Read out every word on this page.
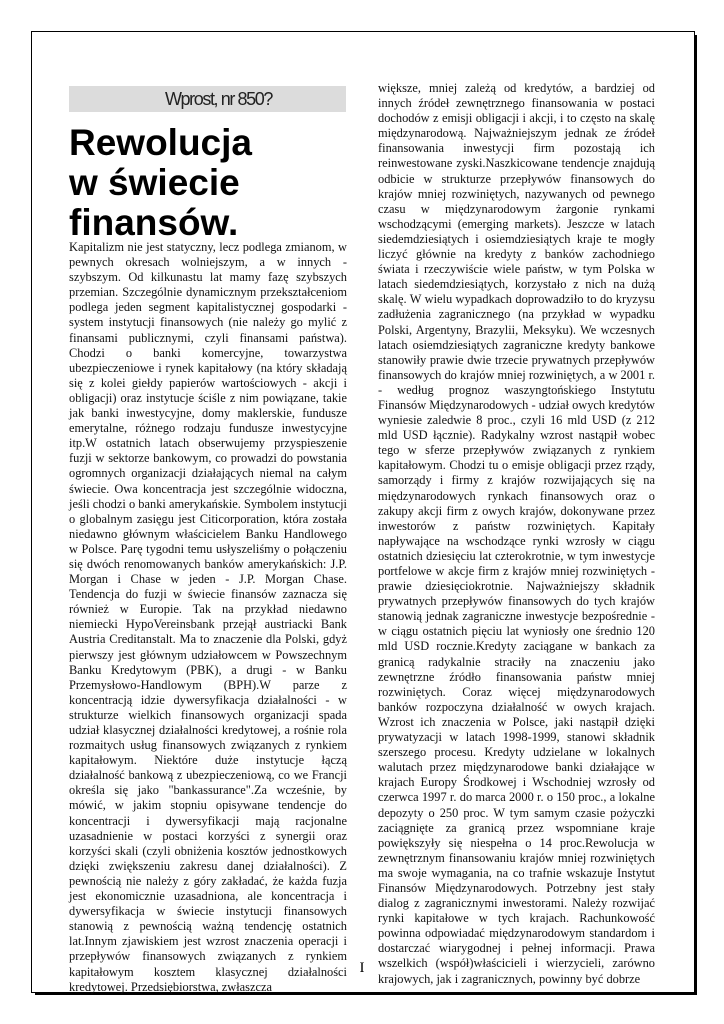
Wprost, nr 850?
Rewolucja
w świecie
finansów.

Kapitalizm nie jest statyczny, lecz podlega zmianom, w pewnych okresach wolniejszym, a w innych - szybszym. Od kilkunastu lat mamy fazę szybszych przemian. Szczególnie dynamicznym przekształceniom podlega jeden segment kapitalistycznej gospodarki - system instytucji finansowych (nie należy go mylić z finansami publicznymi, czyli finansami państwa). Chodzi o banki komercyjne, towarzystwa ubezpieczeniowe i rynek kapitałowy (na który składają się z kolei giełdy papierów wartościowych - akcji i obligacji) oraz instytucje ściśle z nim powiązane, takie jak banki inwestycyjne, domy maklerskie, fundusze emerytalne, różnego rodzaju fundusze inwestycyjne itp.W ostatnich latach obserwujemy przyspieszenie fuzji w sektorze bankowym, co prowadzi do powstania ogromnych organizacji działających niemal na całym świecie. Owa koncentracja jest szczególnie widoczna, jeśli chodzi o banki amerykańskie. Symbolem instytucji o globalnym zasięgu jest Citicorporation, która została niedawno głównym właścicielem Banku Handlowego w Polsce. Parę tygodni temu usłyszeliśmy o połączeniu się dwóch renomowanych banków amerykańskich: J.P. Morgan i Chase w jeden - J.P. Morgan Chase. Tendencja do fuzji w świecie finansów zaznacza się również w Europie. Tak na przykład niedawno niemiecki HypoVereinsbank przejął austriacki Bank Austria Creditanstalt. Ma to znaczenie dla Polski, gdyż pierwszy jest głównym udziałowcem w Powszechnym Banku Kredytowym (PBK), a drugi - w Banku Przemysłowo-Handlowym (BPH).W parze z koncentracją idzie dywersyfikacja działalności - w strukturze wielkich finansowych organizacji spada udział klasycznej działalności kredytowej, a rośnie rola rozmaitych usług finansowych związanych z rynkiem kapitałowym. Niektóre duże instytucje łączą działalność bankową z ubezpieczeniową, co we Francji określa się jako "bankassurance".Za wcześnie, by mówić, w jakim stopniu opisywane tendencje do koncentracji i dywersyfikacji mają racjonalne uzasadnienie w postaci korzyści z synergii oraz korzyści skali (czyli obniżenia kosztów jednostkowych dzięki zwiększeniu zakresu danej działalności). Z pewnością nie należy z góry zakładać, że każda fuzja jest ekonomicznie uzasadniona, ale koncentracja i dywersyfikacja w świecie instytucji finansowych stanowią z pewnością ważną tendencję ostatnich lat.Innym zjawiskiem jest wzrost znaczenia operacji i przepływów finansowych związanych z rynkiem kapitałowym kosztem klasycznej działalności kredytowej. Przedsiębiorstwa, zwłaszcza

większe, mniej zależą od kredytów, a bardziej od innych źródeł zewnętrznego finansowania w postaci dochodów z emisji obligacji i akcji, i to często na skalę międzynarodową. Najważniejszym jednak ze źródeł finansowania inwestycji firm pozostają ich reinwestowane zyski.Naszkicowane tendencje znajdują odbicie w strukturze przepływów finansowych do krajów mniej rozwiniętych, nazywanych od pewnego czasu w międzynarodowym żargonie rynkami wschodzącymi (emerging markets). Jeszcze w latach siedemdziesiątych i osiemdziesiątych kraje te mogły liczyć głównie na kredyty z banków zachodniego świata i rzeczywiście wiele państw, w tym Polska w latach siedemdziesiątych, korzystało z nich na dużą skalę. W wielu wypadkach doprowadziło to do kryzysu zadłużenia zagranicznego (na przykład w wypadku Polski, Argentyny, Brazylii, Meksyku). We wczesnych latach osiemdziesiątych zagraniczne kredyty bankowe stanowiły prawie dwie trzecie prywatnych przepływów finansowych do krajów mniej rozwiniętych, a w 2001 r. - według prognoz waszyngtońskiego Instytutu Finansów Międzynarodowych - udział owych kredytów wyniesie zaledwie 8 proc., czyli 16 mld USD (z 212 mld USD łącznie). Radykalny wzrost nastąpił wobec tego w sferze przepływów związanych z rynkiem kapitałowym. Chodzi tu o emisje obligacji przez rządy, samorządy i firmy z krajów rozwijających się na międzynarodowych rynkach finansowych oraz o zakupy akcji firm z owych krajów, dokonywane przez inwestorów z państw rozwiniętych. Kapitały napływające na wschodzące rynki wzrosły w ciągu ostatnich dziesięciu lat czterokrotnie, w tym inwestycje portfelowe w akcje firm z krajów mniej rozwiniętych - prawie dziesięciokrotnie. Najważniejszy składnik prywatnych przepływów finansowych do tych krajów stanowią jednak zagraniczne inwestycje bezpośrednie - w ciągu ostatnich pięciu lat wyniosły one średnio 120 mld USD rocznie.Kredyty zaciągane w bankach za granicą radykalnie straciły na znaczeniu jako zewnętrzne źródło finansowania państw mniej rozwiniętych. Coraz więcej międzynarodowych banków rozpoczyna działalność w owych krajach. Wzrost ich znaczenia w Polsce, jaki nastąpił dzięki prywatyzacji w latach 1998-1999, stanowi składnik szerszego procesu. Kredyty udzielane w lokalnych walutach przez międzynarodowe banki działające w krajach Europy Środkowej i Wschodniej wzrosły od czerwca 1997 r. do marca 2000 r. o 150 proc., a lokalne depozyty o 250 proc. W tym samym czasie pożyczki zaciągnięte za granicą przez wspomniane kraje powiększyły się niespełna o 14 proc.Rewolucja w zewnętrznym finansowaniu krajów mniej rozwiniętych ma swoje wymagania, na co trafnie wskazuje Instytut Finansów Międzynarodowych. Potrzebny jest stały dialog z zagranicznymi inwestorami. Należy rozwijać rynki kapitałowe w tych krajach. Rachunkowość powinna odpowiadać międzynarodowym standardom i dostarczać wiarygodnej i pełnej informacji. Prawa wszelkich (współ)właścicieli i wierzycieli, zarówno krajowych, jak i zagranicznych, powinny być dobrze

I
